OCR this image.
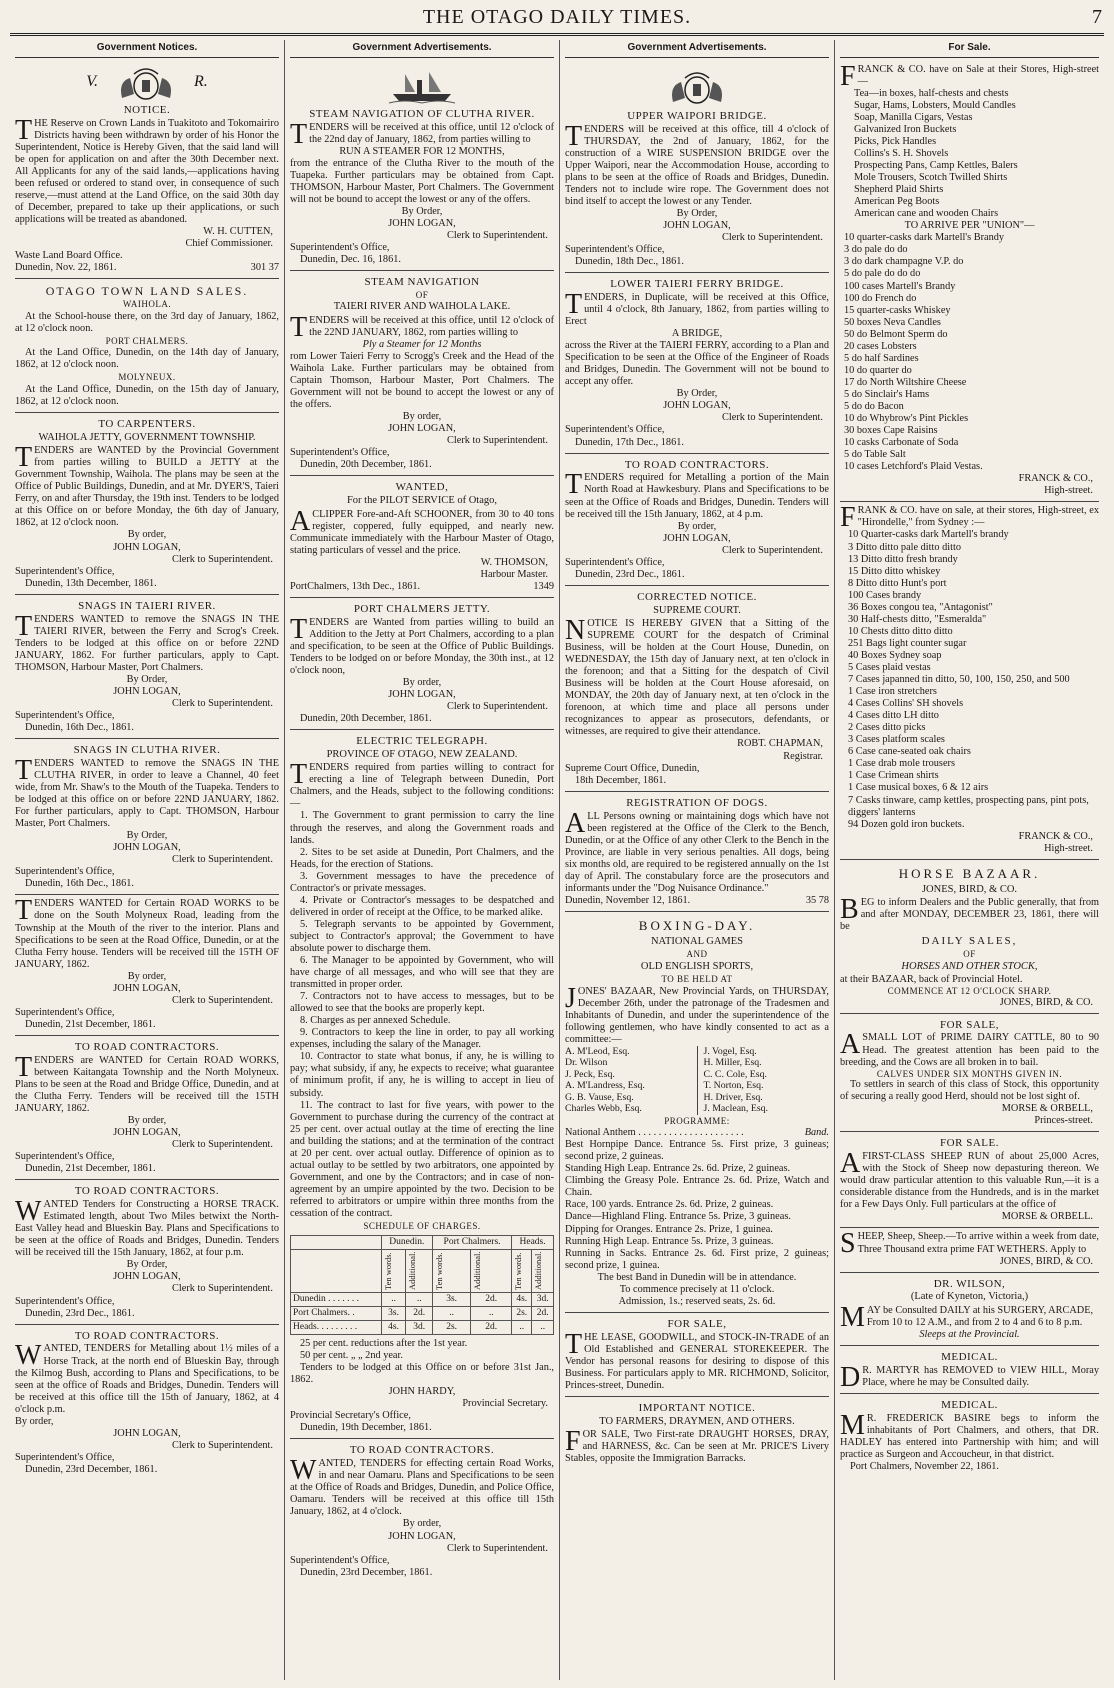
THE OTAGO DAILY TIMES.	7
Government Notices.
V.	R.
NOTICE.

THE Reserve on Crown Lands in Tuakitoto and Tokomairiro Districts having been withdrawn by order of his Honor the Superintendent, Notice is Hereby Given, that the said land will be open for application on and after the 30th December next. All Applicants for any of the said lands,—applications having been refused or ordered to stand over, in consequence of such reserve,—must attend at the Land Office, on the said 30th day of December, prepared to take up their applications, or such applications will be treated as abandoned.

W. H. CUTTEN,

Chief Commissioner.

Waste Land Board Office.

Dunedin, Nov. 22, 1861.	301 37
OTAGO TOWN LAND SALES.
WAIHOLA.

At the School-house there, on the 3rd day of January, 1862, at 12 o'clock noon.

PORT CHALMERS.

At the Land Office, Dunedin, on the 14th day of January, 1862, at 12 o'clock noon.

MOLYNEUX.

At the Land Office, Dunedin, on the 15th day of January, 1862, at 12 o'clock noon.

TO CARPENTERS.
WAIHOLA JETTY, GOVERNMENT TOWNSHIP.

TENDERS are WANTED by the Provincial Government from parties willing to BUILD a JETTY at the Government Township, Waihola. The plans may be seen at the Office of Public Buildings, Dunedin, and at Mr. DYER'S, Taieri Ferry, on and after Thursday, the 19th inst. Tenders to be lodged at this Office on or before Monday, the 6th day of January, 1862, at 12 o'clock noon.

By order,

JOHN LOGAN,

Clerk to Superintendent.

Superintendent's Office,

Dunedin, 13th December, 1861.

SNAGS IN TAIERI RIVER.

TENDERS WANTED to remove the SNAGS IN THE TAIERI RIVER, between the Ferry and Scrog's Creek. Tenders to be lodged at this office on or before 22ND JANUARY, 1862. For further particulars, apply to Capt. THOMSON, Harbour Master, Port Chalmers.

By Order,

JOHN LOGAN,

Clerk to Superintendent.

Superintendent's Office,

Dunedin, 16th Dec., 1861.

SNAGS IN CLUTHA RIVER.

TENDERS WANTED to remove the SNAGS IN THE CLUTHA RIVER, in order to leave a Channel, 40 feet wide, from Mr. Shaw's to the Mouth of the Tuapeka. Tenders to be lodged at this office on or before 22ND JANUARY, 1862. For further particulars, apply to Capt. THOMSON, Harbour Master, Port Chalmers.

By Order,

JOHN LOGAN,

Clerk to Superintendent.

Superintendent's Office,

Dunedin, 16th Dec., 1861.

TENDERS WANTED for Certain ROAD WORKS to be done on the South Molyneux Road, leading from the Township at the Mouth of the river to the interior. Plans and Specifications to be seen at the Road Office, Dunedin, or at the Clutha Ferry house. Tenders will be received till the 15TH OF JANUARY, 1862.

By order,

JOHN LOGAN,

Clerk to Superintendent.

Superintendent's Office,

Dunedin, 21st December, 1861.

TO ROAD CONTRACTORS.

TENDERS are WANTED for Certain ROAD WORKS, between Kaitangata Township and the North Molyneux. Plans to be seen at the Road and Bridge Office, Dunedin, and at the Clutha Ferry. Tenders will be received till the 15TH JANUARY, 1862.

By order,

JOHN LOGAN,

Clerk to Superintendent.

Superintendent's Office,

Dunedin, 21st December, 1861.

TO ROAD CONTRACTORS.

WANTED Tenders for Constructing a HORSE TRACK. Estimated length, about Two Miles betwixt the North-East Valley head and Blueskin Bay. Plans and Specifications to be seen at the office of Roads and Bridges, Dunedin. Tenders will be received till the 15th January, 1862, at four p.m.

By Order,

JOHN LOGAN,

Clerk to Superintendent.

Superintendent's Office,

Dunedin, 23rd Dec., 1861.

TO ROAD CONTRACTORS.

WANTED, TENDERS for Metalling about 1½ miles of a Horse Track, at the north end of Blueskin Bay, through the Kilmog Bush, according to Plans and Specifications, to be seen at the office of Roads and Bridges, Dunedin. Tenders will be received at this office till the 15th of January, 1862, at 4 o'clock p.m.

By order,

JOHN LOGAN,

Clerk to Superintendent.

Superintendent's Office,

Dunedin, 23rd December, 1861.

Government Advertisements.
STEAM NAVIGATION OF CLUTHA RIVER.

TENDERS will be received at this office, until 12 o'clock of the 22nd day of January, 1862, from parties willing to

RUN A STEAMER FOR 12 MONTHS,

from the entrance of the Clutha River to the mouth of the Tuapeka. Further particulars may be obtained from Capt. THOMSON, Harbour Master, Port Chalmers. The Government will not be bound to accept the lowest or any of the offers.

By Order,

JOHN LOGAN,

Clerk to Superintendent.

Superintendent's Office,

Dunedin, Dec. 16, 1861.

STEAM NAVIGATION
OF
TAIERI RIVER AND WAIHOLA LAKE.

TENDERS will be received at this office, until 12 o'clock of the 22ND JANUARY, 1862, rom parties willing to

Ply a Steamer for 12 Months

rom Lower Taieri Ferry to Scrogg's Creek and the Head of the Waihola Lake. Further particulars may be obtained from Captain Thomson, Harbour Master, Port Chalmers. The Government will not be bound to accept the lowest or any of the offers.

By order,

JOHN LOGAN,

Clerk to Superintendent.

Superintendent's Office,

Dunedin, 20th December, 1861.

WANTED,
For the PILOT SERVICE of Otago,

ACLIPPER Fore-and-Aft SCHOONER, from 30 to 40 tons register, coppered, fully equipped, and nearly new. Communicate immediately with the Harbour Master of Otago, stating particulars of vessel and the price.

W. THOMSON,

Harbour Master.

PortChalmers, 13th Dec., 1861.	1349
PORT CHALMERS JETTY.

TENDERS are Wanted from parties willing to build an Addition to the Jetty at Port Chalmers, according to a plan and specification, to be seen at the Office of Public Buildings. Tenders to be lodged on or before Monday, the 30th inst., at 12 o'clock noon,

By order,

JOHN LOGAN,

Clerk to Superintendent.

Dunedin, 20th December, 1861.

ELECTRIC TELEGRAPH.
PROVINCE OF OTAGO, NEW ZEALAND.

TENDERS required from parties willing to contract for erecting a line of Telegraph between Dunedin, Port Chalmers, and the Heads, subject to the following conditions:—

1. The Government to grant permission to carry the line through the reserves, and along the Government roads and lands.

2. Sites to be set aside at Dunedin, Port Chalmers, and the Heads, for the erection of Stations.

3. Government messages to have the precedence of Contractor's or private messages.

4. Private or Contractor's messages to be despatched and delivered in order of receipt at the Office, to be marked alike.

5. Telegraph servants to be appointed by Government, subject to Contractor's approval; the Government to have absolute power to discharge them.

6. The Manager to be appointed by Government, who will have charge of all messages, and who will see that they are transmitted in proper order.

7. Contractors not to have access to messages, but to be allowed to see that the books are properly kept.

8. Charges as per annexed Schedule.

9. Contractors to keep the line in order, to pay all working expenses, including the salary of the Manager.

10. Contractor to state what bonus, if any, he is willing to pay; what subsidy, if any, he expects to receive; what guarantee of minimum profit, if any, he is willing to accept in lieu of subsidy.

11. The contract to last for five years, with power to the Government to purchase during the currency of the contract at 25 per cent. over actual outlay at the time of erecting the line and building the stations; and at the termination of the contract at 20 per cent. over actual outlay. Difference of opinion as to actual outlay to be settled by two arbitrators, one appointed by Government, and one by the Contractors; and in case of non-agreement by an umpire appointed by the two. Decision to be referred to arbitrators or umpire within three months from the cessation of the contract.

SCHEDULE OF CHARGES.
	Dunedin.		Port Chalmers.		Heads.	

	Ten words.	Additional.	Ten words.	Additional.	Ten words.	Additional.

Dunedin . . . . . . .	..	..	3s.	2d.	4s.	3d.
Port Chalmers. .	3s.	2d.	..	..	2s.	2d.
Heads. . . . . . . . .	4s.	3d.	2s.	2d.	..	..

25 per cent. reductions after the 1st year.

50 per cent. „ „ 2nd year.

Tenders to be lodged at this Office on or before 31st Jan., 1862.

JOHN HARDY,

Provincial Secretary.

Provincial Secretary's Office,

Dunedin, 19th December, 1861.

TO ROAD CONTRACTORS.

WANTED, TENDERS for effecting certain Road Works, in and near Oamaru. Plans and Specifications to be seen at the Office of Roads and Bridges, Dunedin, and Police Office, Oamaru. Tenders will be received at this office till 15th January, 1862, at 4 o'clock.

By order,

JOHN LOGAN,

Clerk to Superintendent.

Superintendent's Office,

Dunedin, 23rd December, 1861.

Government Advertisements.
UPPER WAIPORI BRIDGE.

TENDERS will be received at this office, till 4 o'clock of THURSDAY, the 2nd of January, 1862, for the construction of a WIRE SUSPENSION BRIDGE over the Upper Waipori, near the Accommodation House, according to plans to be seen at the office of Roads and Bridges, Dunedin. Tenders not to include wire rope. The Government does not bind itself to accept the lowest or any Tender.

By Order,

JOHN LOGAN,

Clerk to Superintendent.

Superintendent's Office,

Dunedin, 18th Dec., 1861.

LOWER TAIERI FERRY BRIDGE.

TENDERS, in Duplicate, will be received at this Office, until 4 o'clock, 8th January, 1862, from parties willing to Erect

A BRIDGE,

across the River at the TAIERI FERRY, according to a Plan and Specification to be seen at the Office of the Engineer of Roads and Bridges, Dunedin. The Government will not be bound to accept any offer.

By Order,

JOHN LOGAN,

Clerk to Superintendent.

Superintendent's Office,

Dunedin, 17th Dec., 1861.

TO ROAD CONTRACTORS.

TENDERS required for Metalling a portion of the Main North Road at Hawkesbury. Plans and Specifications to be seen at the Office of Roads and Bridges, Dunedin. Tenders will be received till the 15th January, 1862, at 4 p.m.

By order,

JOHN LOGAN,

Clerk to Superintendent.

Superintendent's Office,

Dunedin, 23rd Dec., 1861.

CORRECTED NOTICE.
SUPREME COURT.

NOTICE IS HEREBY GIVEN that a Sitting of the SUPREME COURT for the despatch of Criminal Business, will be holden at the Court House, Dunedin, on WEDNESDAY, the 15th day of January next, at ten o'clock in the forenoon; and that a Sitting for the despatch of Civil Business will be holden at the Court House aforesaid, on MONDAY, the 20th day of January next, at ten o'clock in the forenoon, at which time and place all persons under recognizances to appear as prosecutors, defendants, or witnesses, are required to give their attendance.

ROBT. CHAPMAN,

Registrar.

Supreme Court Office, Dunedin,

18th December, 1861.

REGISTRATION OF DOGS.

ALL Persons owning or maintaining dogs which have not been registered at the Office of the Clerk to the Bench, Dunedin, or at the Office of any other Clerk to the Bench in the Province, are liable in very serious penalties. All dogs, being six months old, are required to be registered annually on the 1st day of April. The constabulary force are the prosecutors and informants under the "Dog Nuisance Ordinance."

Dunedin, November 12, 1861.	35 78
BOXING-DAY.
NATIONAL GAMES
AND
OLD ENGLISH SPORTS,
TO BE HELD AT

JONES' BAZAAR, New Provincial Yards, on THURSDAY, December 26th, under the patronage of the Tradesmen and Inhabitants of Dunedin, and under the superintendence of the following gentlemen, who have kindly consented to act as a committee:—

A. M'Leod, Esq.
Dr. Wilson
J. Peck, Esq.
A. M'Landress, Esq.
G. B. Vause, Esq.
Charles Webb, Esq.
J. Vogel, Esq.
H. Miller, Esq.
C. C. Cole, Esq.
T. Norton, Esq.
H. Driver, Esq.
J. Maclean, Esq.
PROGRAMME:
National Anthem . . . . . . . . . . . . . . . . . . . . .	Band.

Best Hornpipe Dance. Entrance 5s. First prize, 3 guineas; second prize, 2 guineas.

Standing High Leap. Entrance 2s. 6d. Prize, 2 guineas.

Climbing the Greasy Pole. Entrance 2s. 6d. Prize, Watch and Chain.

Race, 100 yards. Entrance 2s. 6d. Prize, 2 guineas.

Dance—Highland Fling. Entrance 5s. Prize, 3 guineas.

Dipping for Oranges. Entrance 2s. Prize, 1 guinea.

Running High Leap. Entrance 5s. Prize, 3 guineas.

Running in Sacks. Entrance 2s. 6d. First prize, 2 guineas; second prize, 1 guinea.

The best Band in Dunedin will be in attendance.

To commence precisely at 11 o'clock.

Admission, 1s.; reserved seats, 2s. 6d.

FOR SALE,

THE LEASE, GOODWILL, and STOCK-IN-TRADE of an Old Established and GENERAL STOREKEEPER. The Vendor has personal reasons for desiring to dispose of this Business. For particulars apply to MR. RICHMOND, Solicitor, Princes-street, Dunedin.

IMPORTANT NOTICE.
TO FARMERS, DRAYMEN, AND OTHERS.

FOR SALE, Two First-rate DRAUGHT HORSES, DRAY, and HARNESS, &c. Can be seen at Mr. PRICE'S Livery Stables, opposite the Immigration Barracks.

For Sale.

FRANCK & CO. have on Sale at their Stores, High-street—

Tea—in boxes, half-chests and chests
Sugar, Hams, Lobsters, Mould Candles
Soap, Manilla Cigars, Vestas
Galvanized Iron Buckets
Picks, Pick Handles
Collins's S. H. Shovels
Prospecting Pans, Camp Kettles, Balers
Mole Trousers, Scotch Twilled Shirts
Shepherd Plaid Shirts
American Peg Boots
American cane and wooden Chairs

TO ARRIVE PER "UNION"—

10 quarter-casks dark Martell's Brandy
3 do pale do do
3 do dark champagne V.P. do
5 do pale do do do
100 cases Martell's Brandy
100 do French do
15 quarter-casks Whiskey
50 boxes Neva Candles
50 do Belmont Sperm do
20 cases Lobsters
5 do half Sardines
10 do quarter do
17 do North Wiltshire Cheese
5 do Sinclair's Hams
5 do do Bacon
10 do Whybrow's Pint Pickles
30 boxes Cape Raisins
10 casks Carbonate of Soda
5 do Table Salt
10 cases Letchford's Plaid Vestas.

FRANCK & CO.,

High-street.

FRANK & CO. have on sale, at their stores, High-street, ex "Hirondelle," from Sydney :—

10 Quarter-casks dark Martell's brandy
3 Ditto ditto pale ditto ditto
13 Ditto ditto fresh brandy
15 Ditto ditto whiskey
8 Ditto ditto Hunt's port
100 Cases brandy
36 Boxes congou tea, "Antagonist"
30 Half-chests ditto, "Esmeralda"
10 Chests ditto ditto ditto
251 Bags light counter sugar
40 Boxes Sydney soap
5 Cases plaid vestas
7 Cases japanned tin ditto, 50, 100, 150, 250, and 500
1 Case iron stretchers
4 Cases Collins' SH shovels
4 Cases ditto LH ditto
2 Cases ditto picks
3 Cases platform scales
6 Case cane-seated oak chairs
1 Case drab mole trousers
1 Case Crimean shirts
1 Case musical boxes, 6 & 12 airs
7 Casks tinware, camp kettles, prospecting pans, pint pots, diggers' lanterns
94 Dozen gold iron buckets.

FRANCK & CO.,

High-street.

HORSE BAZAAR.
JONES, BIRD, & CO.

BEG to inform Dealers and the Public generally, that from and after MONDAY, DECEMBER 23, 1861, there will be

DAILY SALES,
OF
HORSES AND OTHER STOCK,

at their BAZAAR, back of Provincial Hotel.

COMMENCE AT 12 O'CLOCK SHARP.

JONES, BIRD, & CO.

FOR SALE,

ASMALL LOT of PRIME DAIRY CATTLE, 80 to 90 Head. The greatest attention has been paid to the breeding, and the Cows are all broken in to bail.

CALVES UNDER SIX MONTHS GIVEN IN.

To settlers in search of this class of Stock, this opportunity of securing a really good Herd, should not be lost sight of.

MORSE & ORBELL,

Princes-street.

FOR SALE.

AFIRST-CLASS SHEEP RUN of about 25,000 Acres, with the Stock of Sheep now depasturing thereon. We would draw particular attention to this valuable Run,—it is a considerable distance from the Hundreds, and is in the market for a Few Days Only. Full particulars at the office of

MORSE & ORBELL.

SHEEP, Sheep, Sheep.—To arrive within a week from date, Three Thousand extra prime FAT WETHERS. Apply to

JONES, BIRD, & CO.

DR. WILSON,
(Late of Kyneton, Victoria,)

MAY be Consulted DAILY at his SURGERY, ARCADE,

From 10 to 12 A.M., and from 2 to 4 and 6 to 8 p.m.

Sleeps at the Provincial.

MEDICAL.

DR. MARTYR has REMOVED to VIEW HILL, Moray Place, where he may be Consulted daily.

MEDICAL.

MR. FREDERICK BASIRE begs to inform the inhabitants of Port Chalmers, and others, that DR. HADLEY has entered into Partnership with him; and will practice as Surgeon and Accoucheur, in that district.

Port Chalmers, November 22, 1861.
